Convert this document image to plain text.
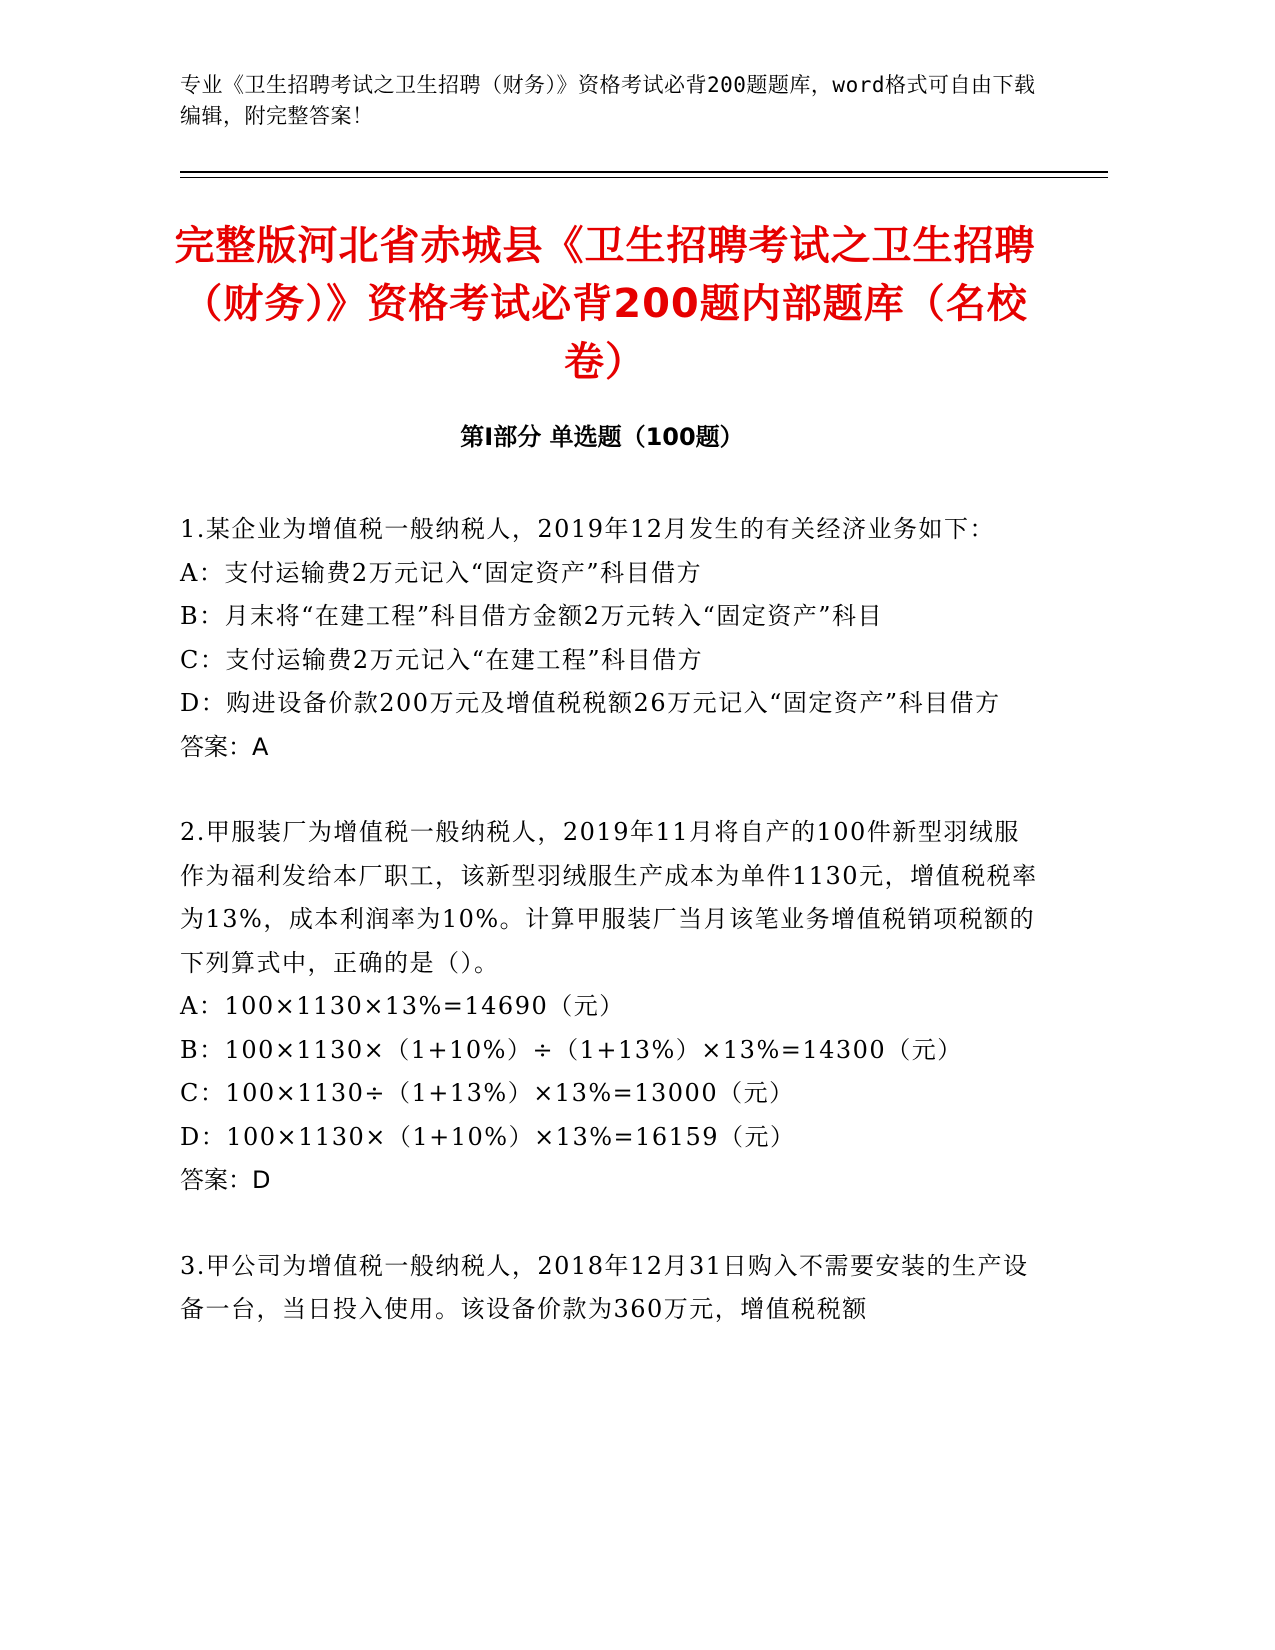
专业《卫生招聘考试之卫生招聘（财务）》资格考试必背200题题库，word格式可自由下载编辑，附完整答案！
完整版河北省赤城县《卫生招聘考试之卫生招聘（财务）》资格考试必背200题内部题库（名校卷）
第Ⅰ部分 单选题（100题）

1.某企业为增值税一般纳税人，2019年12月发生的有关经济业务如下：

A：支付运输费2万元记入“固定资产”科目借方

B：月末将“在建工程”科目借方金额2万元转入“固定资产”科目

C：支付运输费2万元记入“在建工程”科目借方

D：购进设备价款200万元及增值税税额26万元记入“固定资产”科目借方

答案：A

2.甲服装厂为增值税一般纳税人，2019年11月将自产的100件新型羽绒服作为福利发给本厂职工，该新型羽绒服生产成本为单件1130元，增值税税率为13%，成本利润率为10%。计算甲服装厂当月该笔业务增值税销项税额的下列算式中，正确的是（）。

A：100×1130×13%=14690（元）

B：100×1130×（1+10%）÷（1+13%）×13%=14300（元）

C：100×1130÷（1+13%）×13%=13000（元）

D：100×1130×（1+10%）×13%=16159（元）

答案：D

3.甲公司为增值税一般纳税人，2018年12月31日购入不需要安装的生产设备一台，当日投入使用。该设备价款为360万元，增值税税额
